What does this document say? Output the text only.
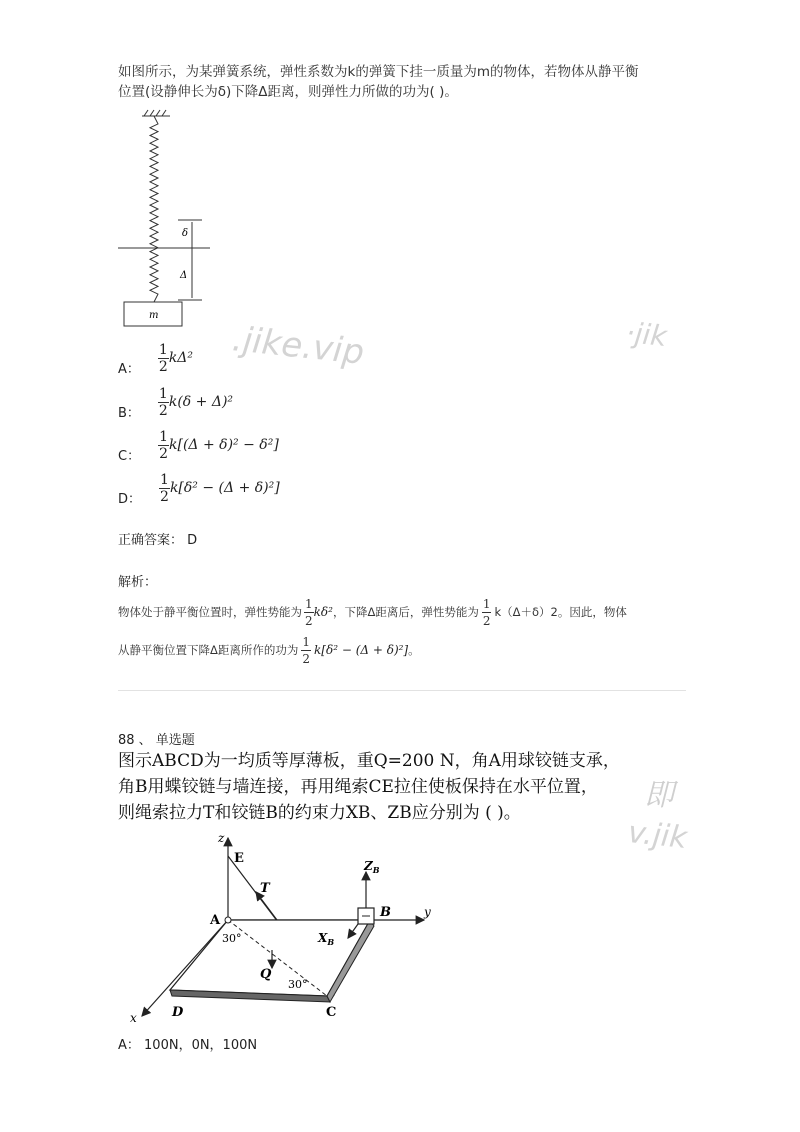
如图所示，为某弹簧系统，弹性系数为k的弹簧下挂一质量为m的物体，若物体从静平衡
位置(设静伸长为δ)下降Δ距离，则弹性力所做的功为( )。
δ
Δ
m
A： $\frac{1}{2} k\Delta^2$
B： $\frac{1}{2} k(\delta + \Delta)^2$
C： $\frac{1}{2} k[(\Delta + \delta)^2 - \delta^2]$
D： $\frac{1}{2} k[\delta^2 - (\Delta + \delta)^2]$
正确答案： D
解析：
物体处于静平衡位置时，弹性势能为 $\frac{1}{2} k\delta^2$ ，下降Δ距离后，弹性势能为 $\frac{1}{2} k(\Delta+\delta)2$。因此，物体
从静平衡位置下降Δ距离所作的功为 $\frac{1}{2} k[\delta^2 - (\Delta + \delta)^2]$ 。
88 、 单选题
图示ABCD为一均质等厚薄板，重Q=200 N，角A用球铰链支承，
角B用蝶铰链与墙连接，再用绳索CE拉住使板保持在水平位置，
则绳索拉力T和铰链B的约束力XB、ZB应分别为 ( )。
z
E
T
y
x
A
30°
B
$Z_B$
$X_B$
Q
30°
C
D
A： 100N，0N，100N
.jike.vip	·jik
即
v.jik
